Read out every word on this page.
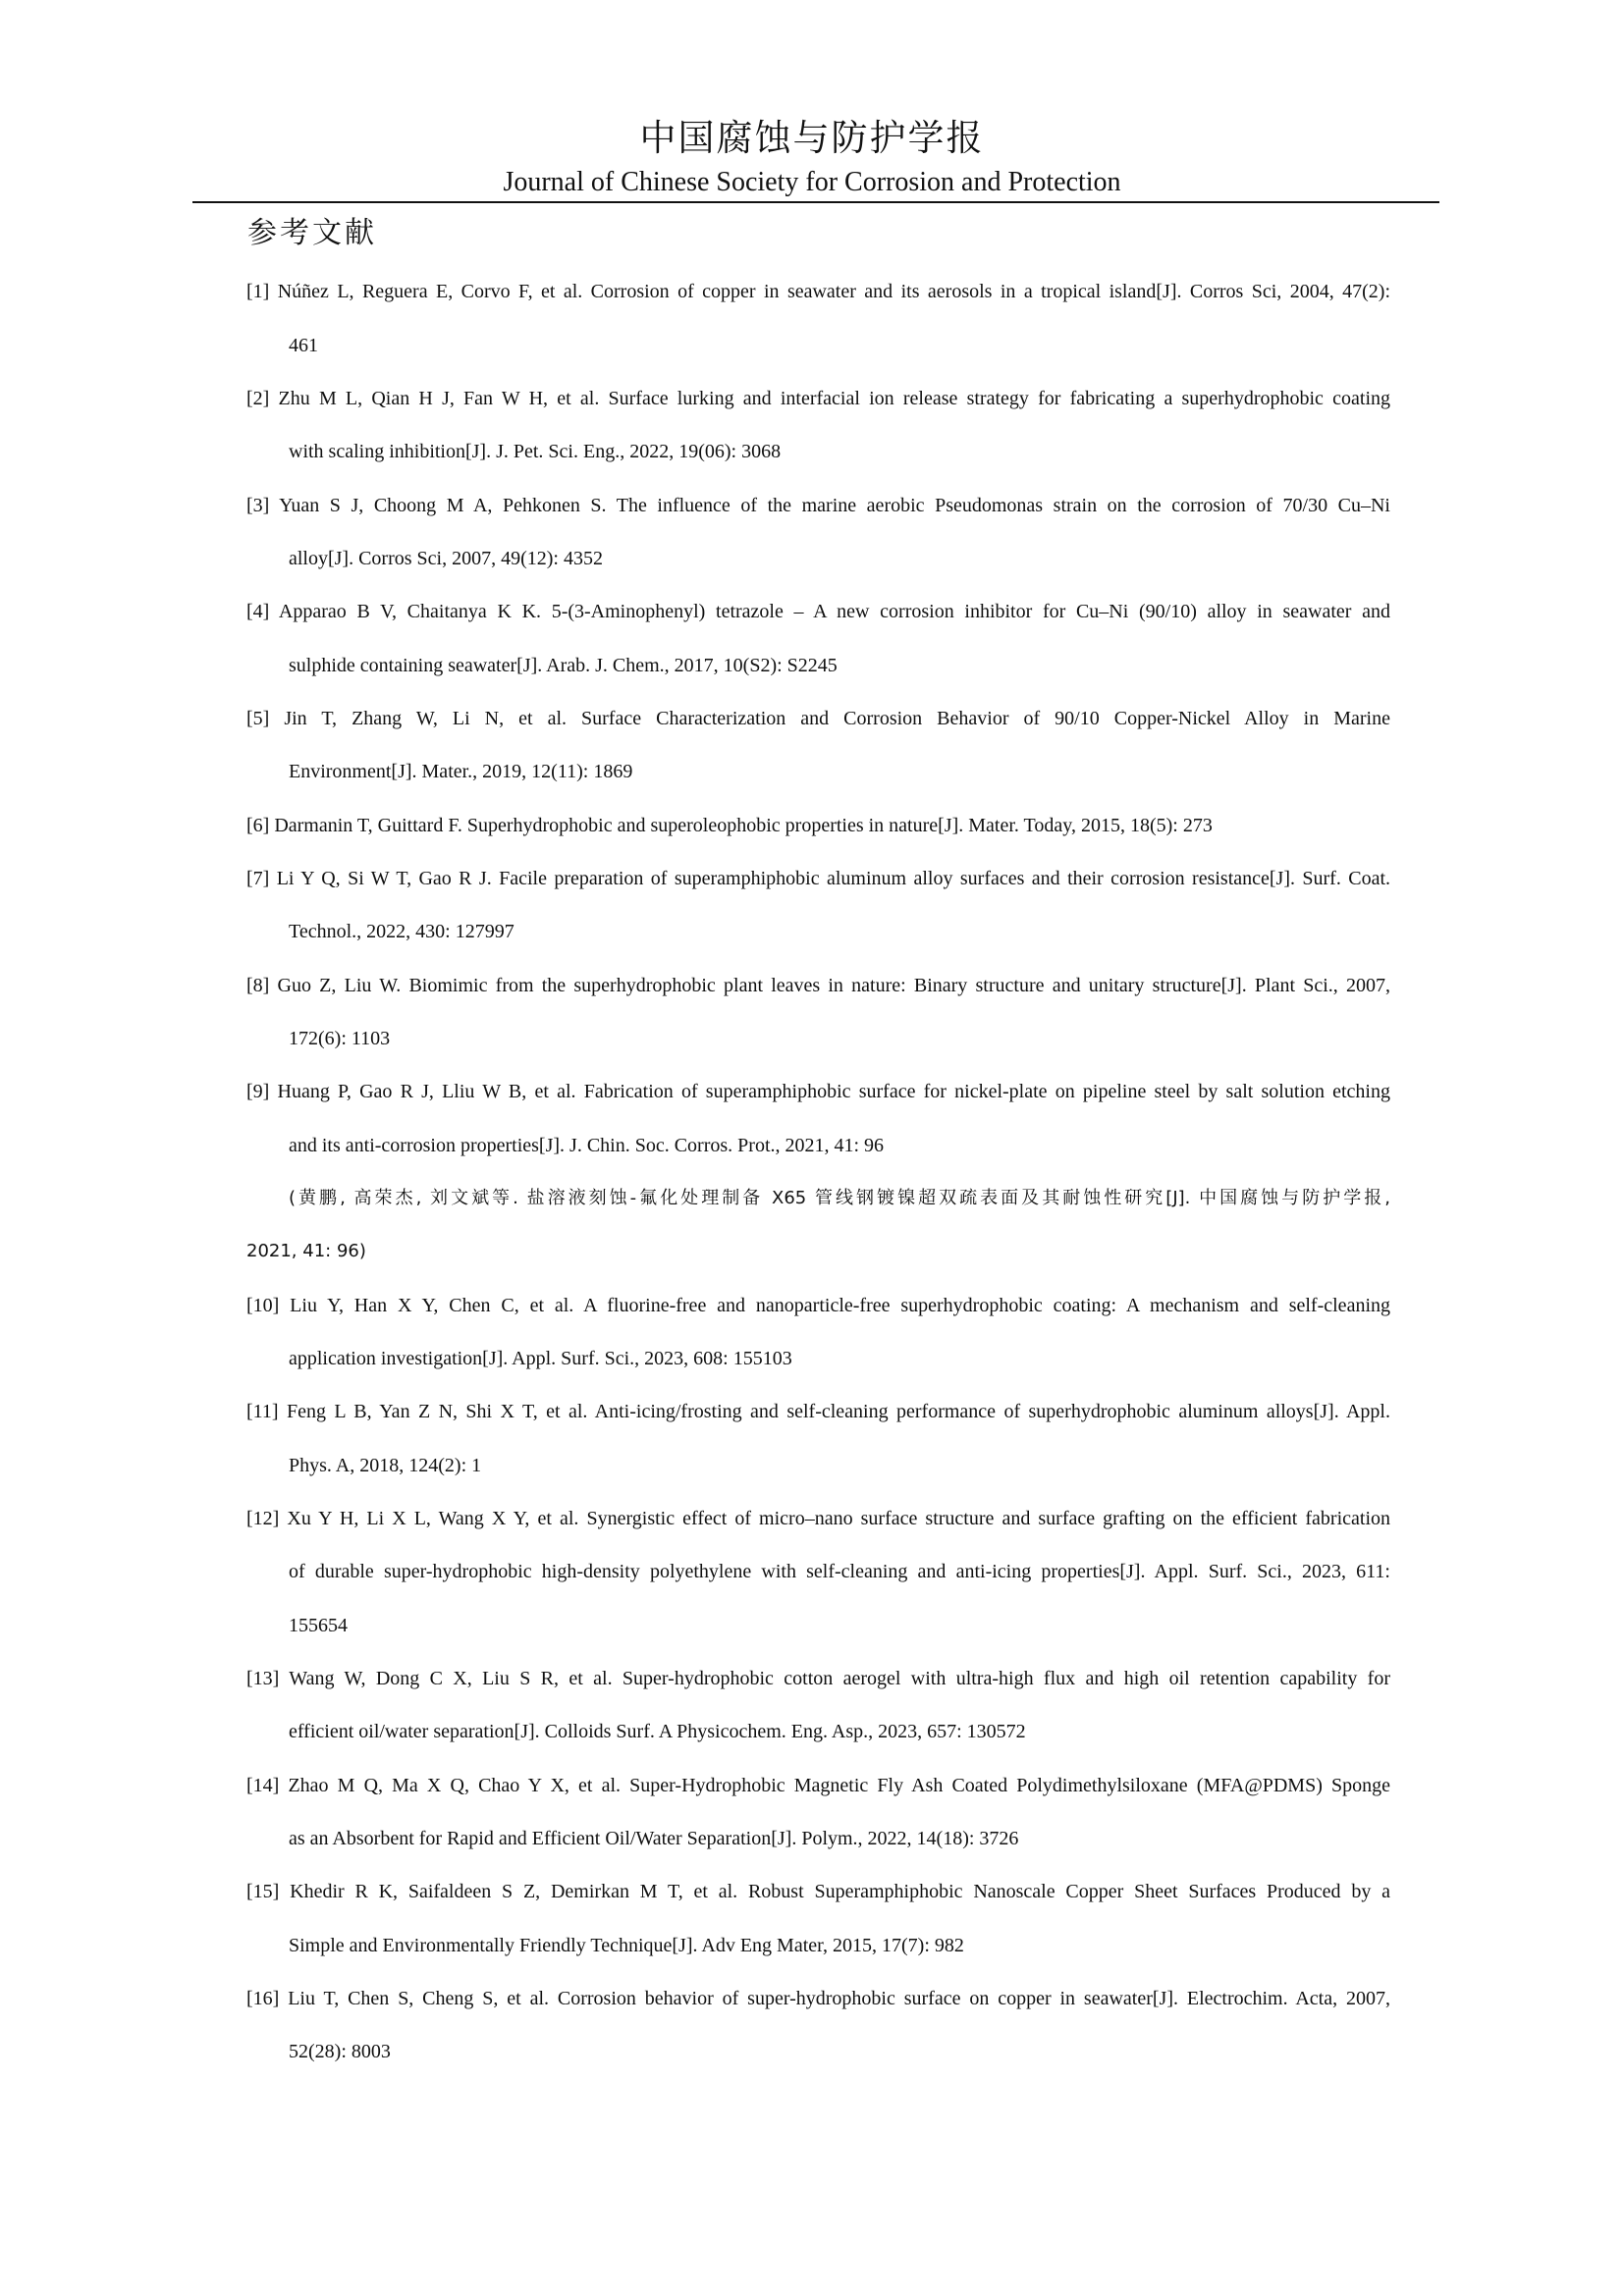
中国腐蚀与防护学报
Journal of Chinese Society for Corrosion and Protection
参考文献
[1] Núñez L, Reguera E, Corvo F, et al. Corrosion of copper in seawater and its aerosols in a tropical island[J]. Corros Sci, 2004, 47(2):
461
[2] Zhu M L, Qian H J, Fan W H, et al. Surface lurking and interfacial ion release strategy for fabricating a superhydrophobic coating
with scaling inhibition[J]. J. Pet. Sci. Eng., 2022, 19(06): 3068
[3] Yuan S J, Choong M A, Pehkonen S. The influence of the marine aerobic Pseudomonas strain on the corrosion of 70/30 Cu–Ni
alloy[J]. Corros Sci, 2007, 49(12): 4352
[4] Apparao B V, Chaitanya K K. 5-(3-Aminophenyl) tetrazole – A new corrosion inhibitor for Cu–Ni (90/10) alloy in seawater and
sulphide containing seawater[J]. Arab. J. Chem., 2017, 10(S2): S2245
[5] Jin T, Zhang W, Li N, et al. Surface Characterization and Corrosion Behavior of 90/10 Copper-Nickel Alloy in Marine
Environment[J]. Mater., 2019, 12(11): 1869
[6] Darmanin T, Guittard F. Superhydrophobic and superoleophobic properties in nature[J]. Mater. Today, 2015, 18(5): 273
[7] Li Y Q, Si W T, Gao R J. Facile preparation of superamphiphobic aluminum alloy surfaces and their corrosion resistance[J]. Surf. Coat.
Technol., 2022, 430: 127997
[8] Guo Z, Liu W. Biomimic from the superhydrophobic plant leaves in nature: Binary structure and unitary structure[J]. Plant Sci., 2007,
172(6): 1103
[9] Huang P, Gao R J, Lliu W B, et al. Fabrication of superamphiphobic surface for nickel-plate on pipeline steel by salt solution etching
and its anti-corrosion properties[J]. J. Chin. Soc. Corros. Prot., 2021, 41: 96
(黄鹏, 高荣杰, 刘文斌等. 盐溶液刻蚀-氟化处理制备 X65 管线钢镀镍超双疏表面及其耐蚀性研究[J]. 中国腐蚀与防护学报,
2021, 41: 96)
[10] Liu Y, Han X Y, Chen C, et al. A fluorine-free and nanoparticle-free superhydrophobic coating: A mechanism and self-cleaning
application investigation[J]. Appl. Surf. Sci., 2023, 608: 155103
[11] Feng L B, Yan Z N, Shi X T, et al. Anti-icing/frosting and self-cleaning performance of superhydrophobic aluminum alloys[J]. Appl.
Phys. A, 2018, 124(2): 1
[12] Xu Y H, Li X L, Wang X Y, et al. Synergistic effect of micro–nano surface structure and surface grafting on the efficient fabrication
of durable super-hydrophobic high-density polyethylene with self-cleaning and anti-icing properties[J]. Appl. Surf. Sci., 2023, 611:
155654
[13] Wang W, Dong C X, Liu S R, et al. Super-hydrophobic cotton aerogel with ultra-high flux and high oil retention capability for
efficient oil/water separation[J]. Colloids Surf. A Physicochem. Eng. Asp., 2023, 657: 130572
[14] Zhao M Q, Ma X Q, Chao Y X, et al. Super-Hydrophobic Magnetic Fly Ash Coated Polydimethylsiloxane (MFA@PDMS) Sponge
as an Absorbent for Rapid and Efficient Oil/Water Separation[J]. Polym., 2022, 14(18): 3726
[15] Khedir R K, Saifaldeen S Z, Demirkan M T, et al. Robust Superamphiphobic Nanoscale Copper Sheet Surfaces Produced by a
Simple and Environmentally Friendly Technique[J]. Adv Eng Mater, 2015, 17(7): 982
[16] Liu T, Chen S, Cheng S, et al. Corrosion behavior of super-hydrophobic surface on copper in seawater[J]. Electrochim. Acta, 2007,
52(28): 8003
